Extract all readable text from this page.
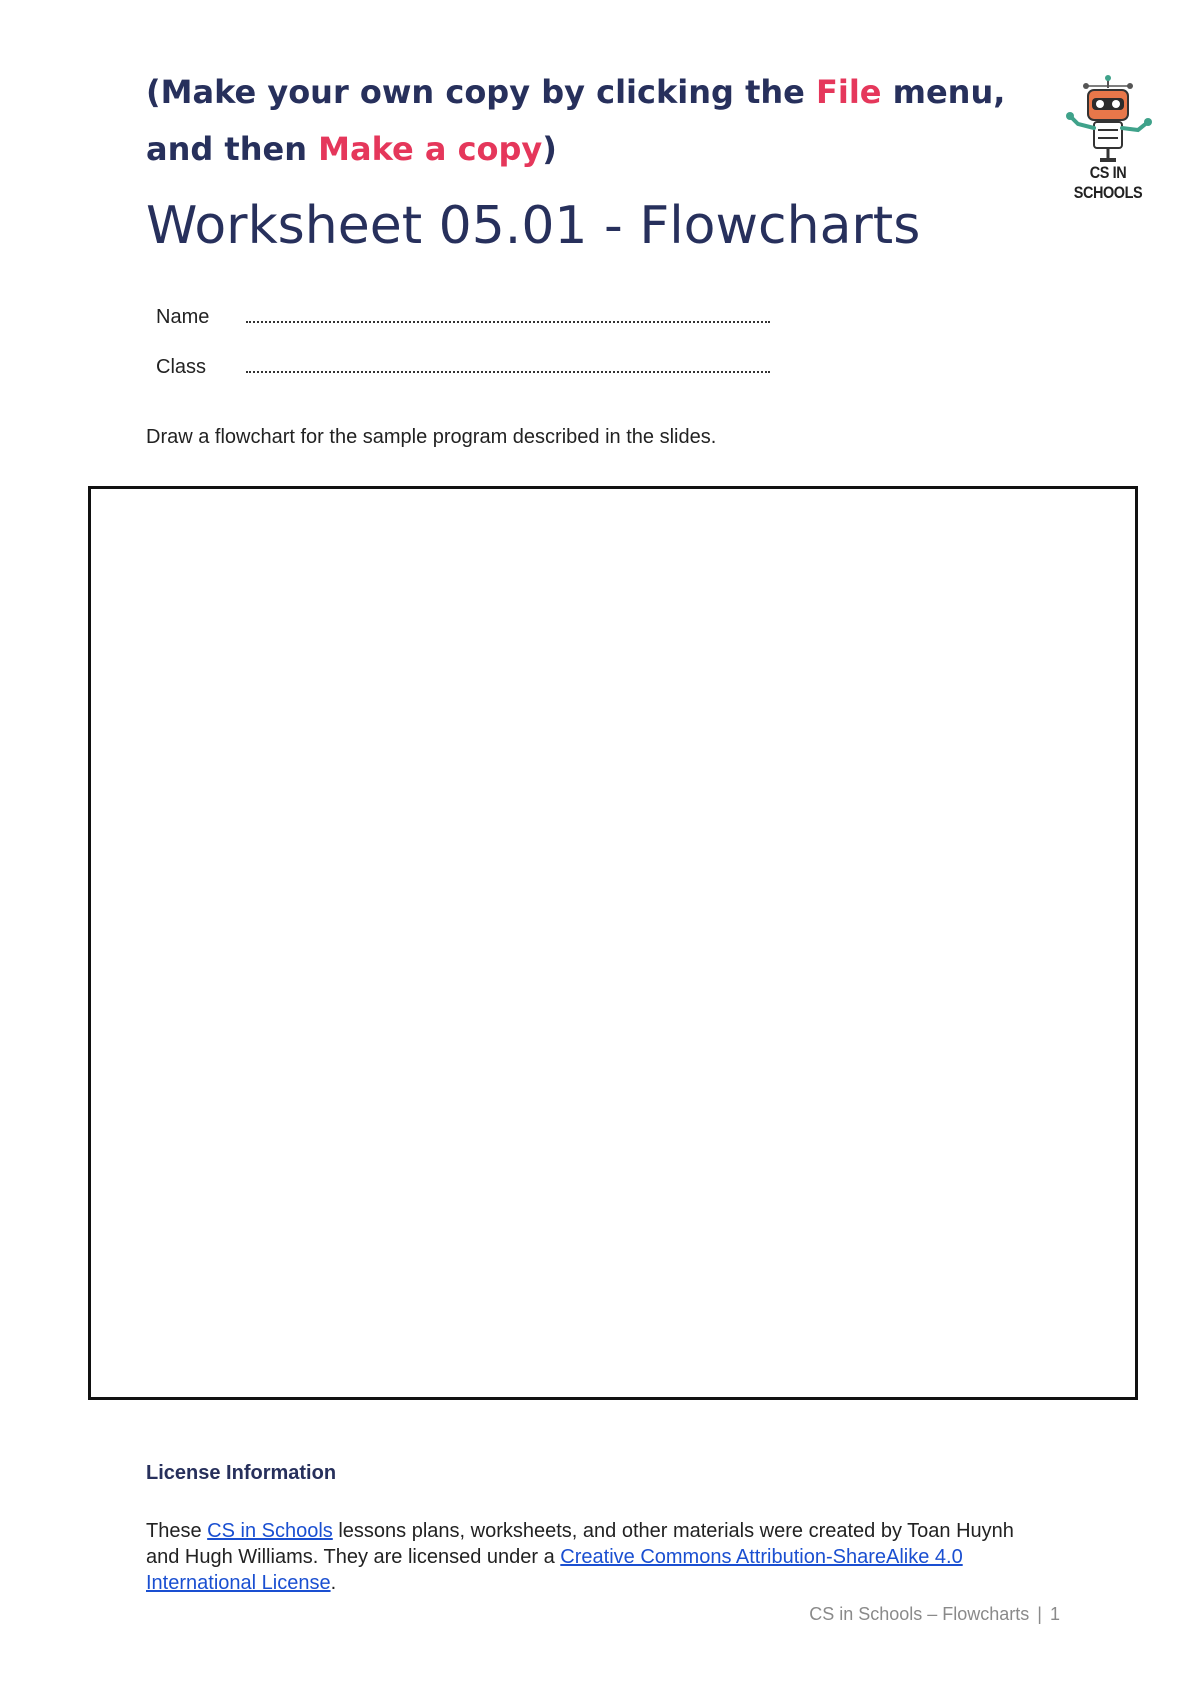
(Make your own copy by clicking the File menu, and then Make a copy)

CS IN SCHOOLS
Worksheet 05.01 - Flowcharts
Name
Class

Draw a flowchart for the sample program described in the slides.

License Information

These CS in Schools lessons plans, worksheets, and other materials were created by Toan Huynh and Hugh Williams. They are licensed under a Creative Commons Attribution-ShareAlike 4.0 International License.

CS in Schools – Flowcharts | 1
